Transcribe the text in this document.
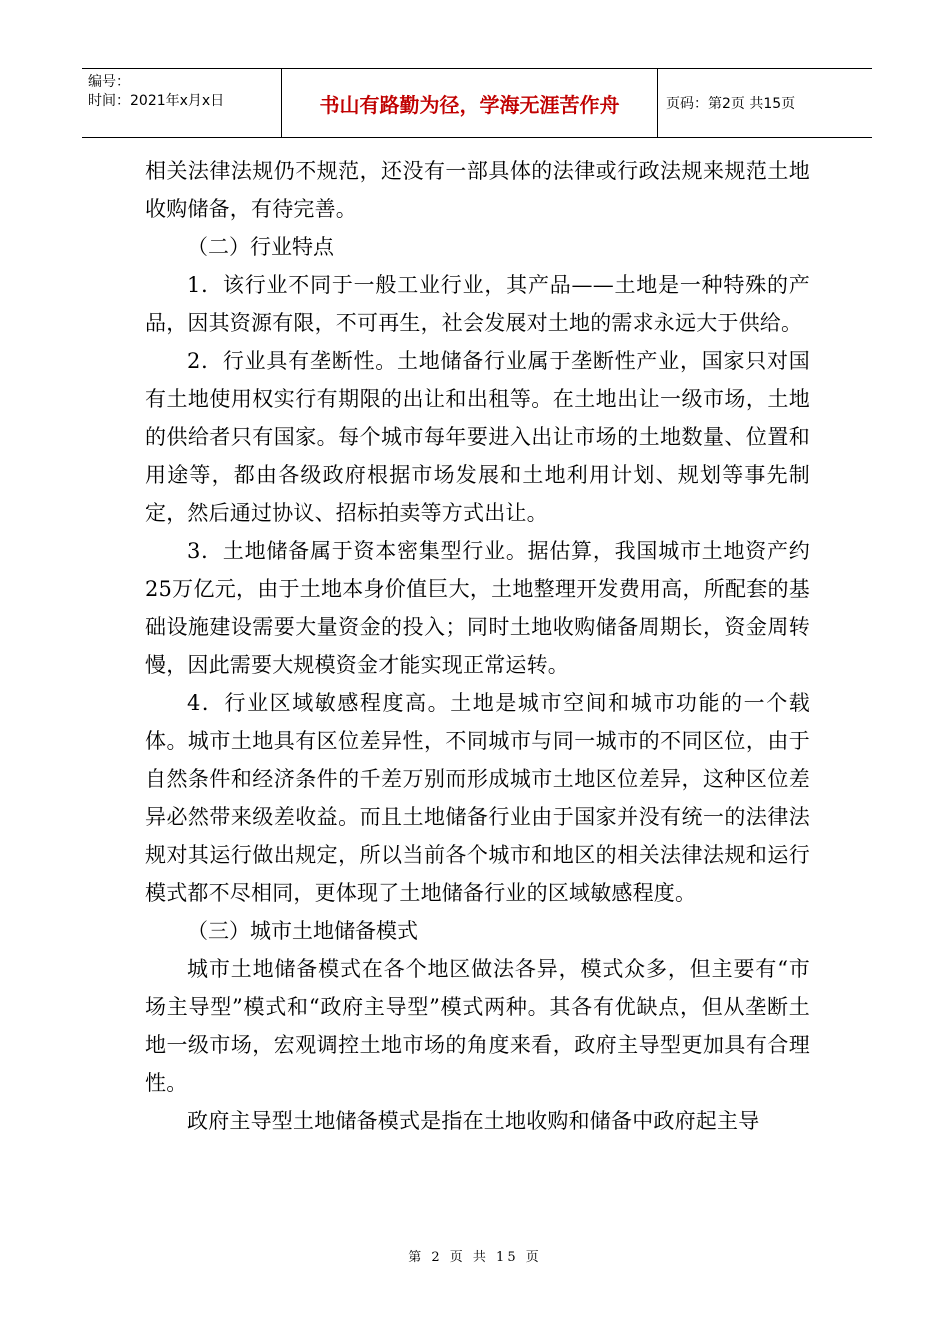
编号：
时间：2021年x月x日	书山有路勤为径，学海无涯苦作舟	页码：第2页 共15页

相关法律法规仍不规范，还没有一部具体的法律或行政法规来规范土地收购储备，有待完善。

（二）行业特点

1．该行业不同于一般工业行业，其产品——土地是一种特殊的产品，因其资源有限，不可再生，社会发展对土地的需求永远大于供给。

2．行业具有垄断性。土地储备行业属于垄断性产业，国家只对国有土地使用权实行有期限的出让和出租等。在土地出让一级市场，土地的供给者只有国家。每个城市每年要进入出让市场的土地数量、位置和用途等，都由各级政府根据市场发展和土地利用计划、规划等事先制定，然后通过协议、招标拍卖等方式出让。

3．土地储备属于资本密集型行业。据估算，我国城市土地资产约25万亿元，由于土地本身价值巨大，土地整理开发费用高，所配套的基础设施建设需要大量资金的投入；同时土地收购储备周期长，资金周转慢，因此需要大规模资金才能实现正常运转。

4．行业区域敏感程度高。土地是城市空间和城市功能的一个载体。城市土地具有区位差异性，不同城市与同一城市的不同区位，由于自然条件和经济条件的千差万别而形成城市土地区位差异，这种区位差异必然带来级差收益。而且土地储备行业由于国家并没有统一的法律法规对其运行做出规定，所以当前各个城市和地区的相关法律法规和运行模式都不尽相同，更体现了土地储备行业的区域敏感程度。

（三）城市土地储备模式

城市土地储备模式在各个地区做法各异，模式众多，但主要有“市场主导型”模式和“政府主导型”模式两种。其各有优缺点，但从垄断土地一级市场，宏观调控土地市场的角度来看，政府主导型更加具有合理性。

政府主导型土地储备模式是指在土地收购和储备中政府起主导

第 2 页 共 15 页
